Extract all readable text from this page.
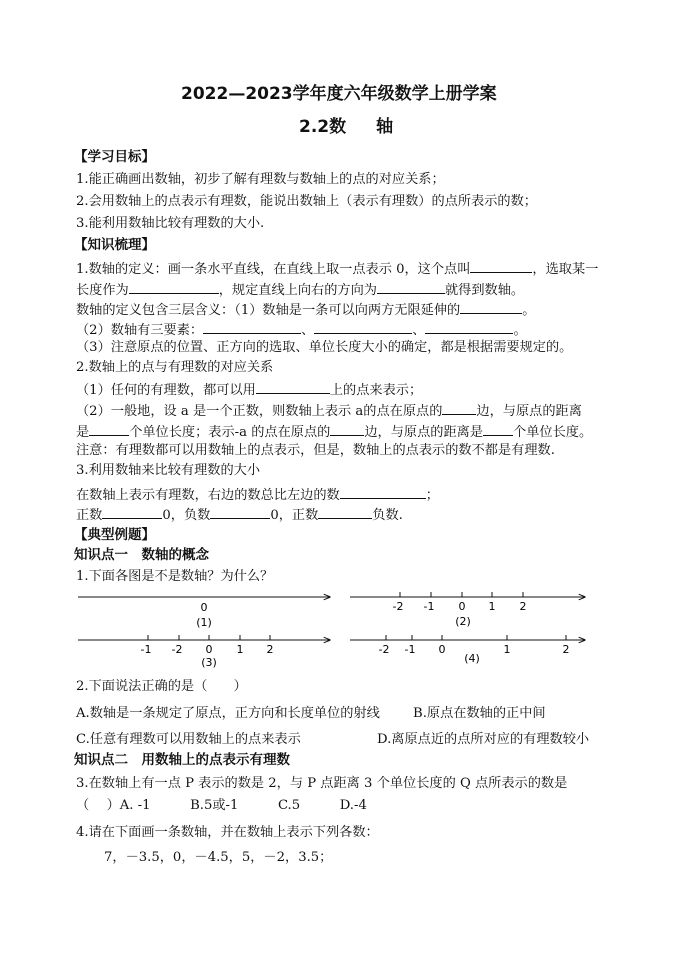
2022—2023学年度六年级数学上册学案
2.2数 轴
【学习目标】
1.能正确画出数轴，初步了解有理数与数轴上的点的对应关系；
2.会用数轴上的点表示有理数，能说出数轴上（表示有理数）的点所表示的数；
3.能利用数轴比较有理数的大小.
【知识梳理】
1.数轴的定义：画一条水平直线，在直线上取一点表示 0，这个点叫	，选取某一
长度作为	，规定直线上向右的方向为	就得到数轴。
数轴的定义包含三层含义：（1）数轴是一条可以向两方无限延伸的	。
（2）数轴有三要素：	、	、	。
（3）注意原点的位置、正方向的选取、单位长度大小的确定，都是根据需要规定的。
2.数轴上的点与有理数的对应关系
（1）任何的有理数，都可以用	上的点来表示；
（2）一般地，设 a 是一个正数，则数轴上表示 a的点在原点的	边，与原点的距离
是	个单位长度；表示-a 的点在原点的	边，与原点的距离是 个单位长度。
注意：有理数都可以用数轴上的点表示，但是，数轴上的点表示的数不都是有理数.
3.利用数轴来比较有理数的大小
在数轴上表示有理数，右边的数总比左边的数	；
正数	0，负数	0，正数	负数.
【典型例题】
知识点一　数轴的概念
1.下面各图是不是数轴？为什么？
0
(1)
-2 -1 0 1 2
(2)
-1 -2 0 1 2
(3)
-2 -1 0	1	2
(4)
2.下面说法正确的是（　　）
A.数轴是一条规定了原点，正方向和长度单位的射线	B.原点在数轴的正中间
C.任意有理数可以用数轴上的点来表示	D.离原点近的点所对应的有理数较小
知识点二　用数轴上的点表示有理数
3.在数轴上有一点 P 表示的数是 2，与 P 点距离 3 个单位长度的 Q 点所表示的数是
（　 ）A. -1　　　B.5或-1　　　C.5　　　D.-4
4.请在下面画一条数轴，并在数轴上表示下列各数：
7，－3.5，0，－4.5，5，－2，3.5；
